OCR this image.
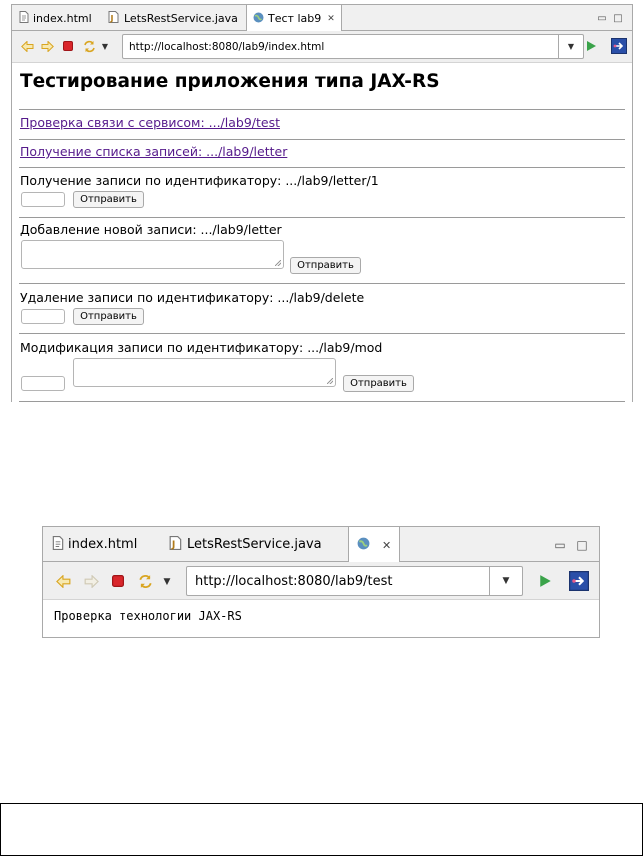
index.html J LetsRestService.java	Тест lab9 ✕	▭ □
▼	http://localhost:8080/lab9/index.html	▼
Тестирование приложения типа JAX-RS
Проверка связи с сервисом: .../lab9/test
Получение списка записей: .../lab9/letter
Получение записи по идентификатору: .../lab9/letter/1
Отправить
Добавление новой записи: .../lab9/letter
Отправить
Удаление записи по идентификатору: .../lab9/delete
Отправить
Модификация записи по идентификатору: .../lab9/mod
Отправить
index.html	J LetsRestService.java	✕	▭ □
▼	http://localhost:8080/lab9/test	▼
Проверка технологии JAX-RS
